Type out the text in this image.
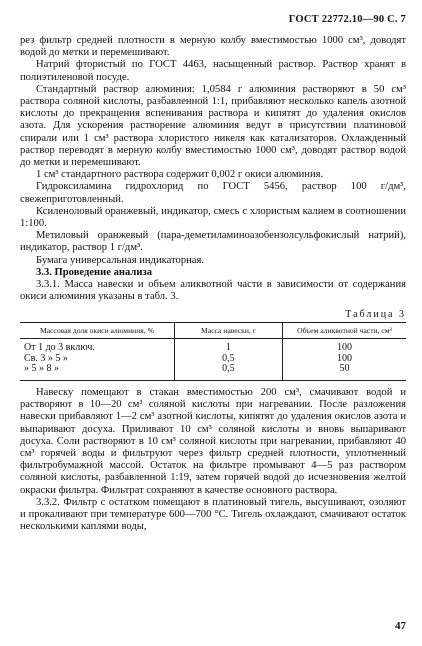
ГОСТ 22772.10—90 С. 7

рез фильтр средней плотности в мерную колбу вместимостью 1000 см³, доводят водой до метки и перемешивают.

Натрий фтористый по ГОСТ 4463, насыщенный раствор. Раствор хранят в полиэтиленовой посуде.

Стандартный раствор алюминия: 1,0584 г алюминия растворяют в 50 см³ раствора соляной кислоты, разбавленной 1:1, прибавляют несколько капель азотной кислоты до прекращения вспенивания раствора и кипятят до удаления окислов азота. Для ускорения растворение алюминия ведут в присутствии платиновой спирали или 1 см³ раствора хлористого никеля как катализаторов. Охлажденный раствор переводят в мерную колбу вместимостью 1000 см³, доводят раствор водой до метки и перемешивают.

1 см³ стандартного раствора содержит 0,002 г окиси алюминия.

Гидроксиламина гидрохлорид по ГОСТ 5456, раствор 100 г/дм³, свежеприготовленный.

Ксиленоловый оранжевый, индикатор, смесь с хлористым калием в соотношении 1:100.

Метиловый оранжевый (пара-деметиламиноазобензолсульфокислый натрий), индикатор, раствор 1 г/дм³.

Бумага универсальная индикаторная.

3.3. Проведение анализа

3.3.1. Масса навески и объем аликвотной части в зависимости от содержания окиси алюминия указаны в табл. 3.

Таблица 3
Массовая доля окиси алюминия, %	Масса навески, г	Объем аликвотной части, см³
От 1 до 3 включ.	1	100
Св. 3 » 5 »	0,5	100
» 5 » 8 »	0,5	50

Навеску помещают в стакан вместимостью 200 см³, смачивают водой и растворяют в 10—20 см³ соляной кислоты при нагревании. После разложения навески прибавляют 1—2 см³ азотной кислоты, кипятят до удаления окислов азота и выпаривают досуха. Приливают 10 см³ соляной кислоты и вновь выпаривают досуха. Соли растворяют в 10 см³ соляной кислоты при нагревании, прибавляют 40 см³ горячей воды и фильтруют через фильтр средней плотности, уплотненный фильтробумажной массой. Остаток на фильтре промывают 4—5 раз раствором соляной кислоты, разбавленной 1:19, затем горячей водой до исчезновения желтой окраски фильтра. Фильтрат сохраняют в качестве основного раствора.

3.3.2. Фильтр с остатком помещают в платиновый тигель, высушивают, озоляют и прокаливают при температуре 600—700 °С. Тигель охлаждают, смачивают остаток несколькими каплями воды,

47
